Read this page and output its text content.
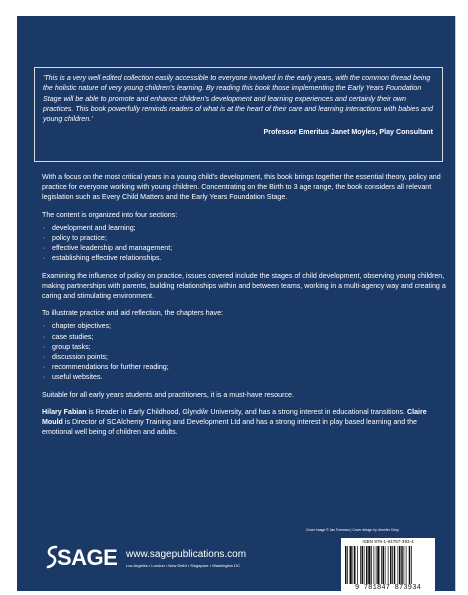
'This is a very well edited collection easily accessible to everyone involved in the early years, with the common thread being the holistic nature of very young children's learning. By reading this book those implementing the Early Years Foundation Stage will be able to promote and enhance children's development and learning experiences and certainly their own practices. This book powerfully reminds readers of what is at the heart of their care and learning interactions with babies and young children.'

Professor Emeritus Janet Moyles, Play Consultant

With a focus on the most critical years in a young child's development, this book brings together the essential theory, policy and practice for everyone working with young children. Concentrating on the Birth to 3 age range, the book considers all relevant legislation such as Every Child Matters and the Early Years Foundation Stage.

The content is organized into four sections:

· development and learning;
· policy to practice;
· effective leadership and management;
· establishing effective relationships.

Examining the influence of policy on practice, issues covered include the stages of child development, observing young children, making partnerships with parents, building relationships within and between teams, working in a multi-agency way and creating a caring and stimulating environment.

To illustrate practice and aid reflection, the chapters have:

· chapter objectives;
· case studies;
· group tasks;
· discussion points;
· recommendations for further reading;
· useful websites.

Suitable for all early years students and practitioners, it is a must-have resource.

Hilary Fabian is Reader in Early Childhood, Glyndŵr University, and has a strong interest in educational transitions. Claire Mould is Director of SCAlchemy Training and Development Ltd and has a strong interest in play based learning and the emotional well being of children and adults.

Cover image © Jan Foreman | Cover design by Jennifer Crisp
SAGE www.sagepublications.com
Los Angeles • London • New Delhi • Singapore • Washington DC
ISBN 978-1-84787-393-4
9 781847 873934
